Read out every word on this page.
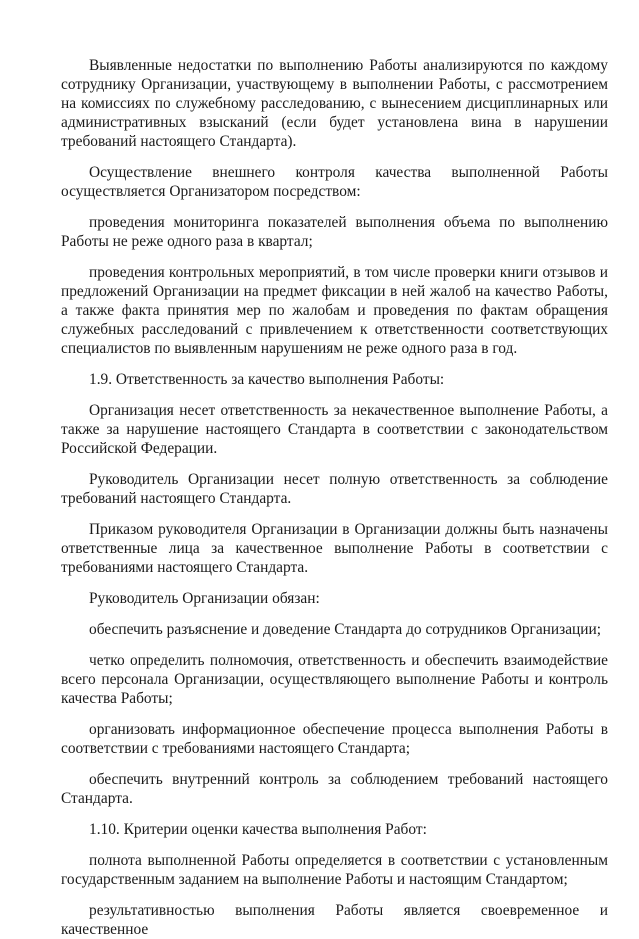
Выявленные недостатки по выполнению Работы анализируются по каждому сотруднику Организации, участвующему в выполнении Работы, с рассмотрением на комиссиях по служебному расследованию, с вынесением дисциплинарных или административных взысканий (если будет установлена вина в нарушении требований настоящего Стандарта).

Осуществление внешнего контроля качества выполненной Работы осуществляется Организатором посредством:

проведения мониторинга показателей выполнения объема по выполнению Работы не реже одного раза в квартал;

проведения контрольных мероприятий, в том числе проверки книги отзывов и предложений Организации на предмет фиксации в ней жалоб на качество Работы, а также факта принятия мер по жалобам и проведения по фактам обращения служебных расследований с привлечением к ответственности соответствующих специалистов по выявленным нарушениям не реже одного раза в год.

1.9. Ответственность за качество выполнения Работы:

Организация несет ответственность за некачественное выполнение Работы, а также за нарушение настоящего Стандарта в соответствии с законодательством Российской Федерации.

Руководитель Организации несет полную ответственность за соблюдение требований настоящего Стандарта.

Приказом руководителя Организации в Организации должны быть назначены ответственные лица за качественное выполнение Работы в соответствии с требованиями настоящего Стандарта.

Руководитель Организации обязан:

обеспечить разъяснение и доведение Стандарта до сотрудников Организации;

четко определить полномочия, ответственность и обеспечить взаимодействие всего персонала Организации, осуществляющего выполнение Работы и контроль качества Работы;

организовать информационное обеспечение процесса выполнения Работы в соответствии с требованиями настоящего Стандарта;

обеспечить внутренний контроль за соблюдением требований настоящего Стандарта.

1.10. Критерии оценки качества выполнения Работ:

полнота выполненной Работы определяется в соответствии с установленным государственным заданием на выполнение Работы и настоящим Стандартом;

результативностью выполнения Работы является своевременное и качественное
